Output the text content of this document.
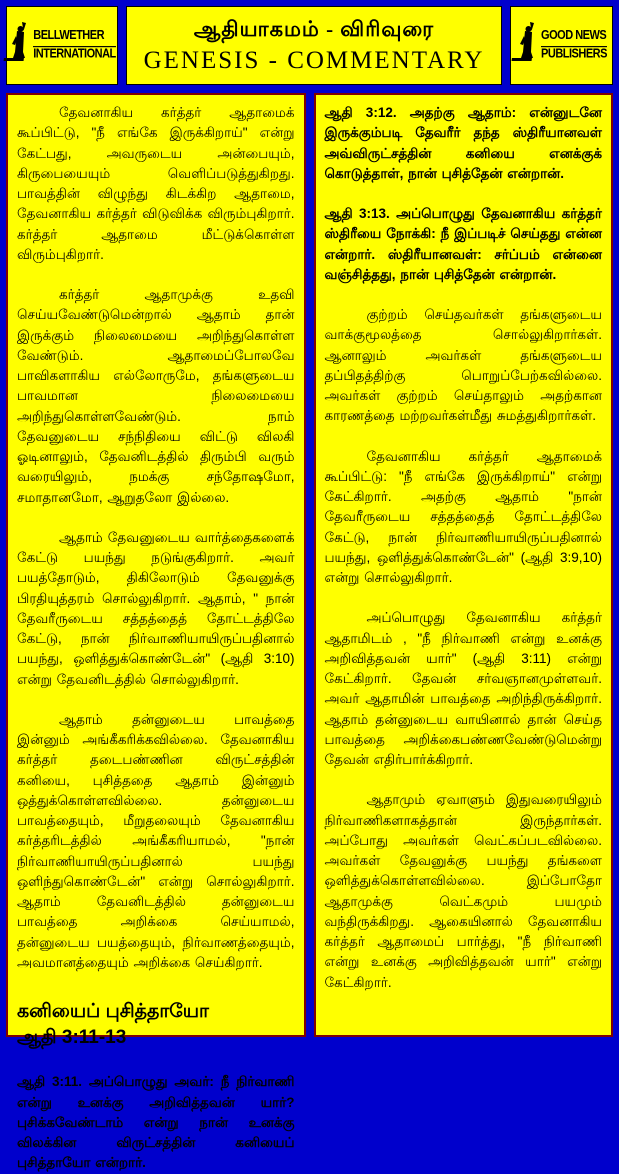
BELLWETHER
INTERNATIONAL
ஆதியாகமம் - விரிவுரை
GENESIS - COMMENTARY
GOOD NEWS
PUBLISHERS

தேவனாகிய கர்த்தர் ஆதாமைக் கூப்பிட்டு, "நீ எங்கே இருக்கிறாய்" என்று கேட்பது, அவருடைய அன்பையும், கிருபையையும் வெளிப்படுத்துகிறது. பாவத்தின் விழுந்து கிடக்கிற ஆதாமை, தேவனாகிய கர்த்தர் விடுவிக்க விரும்புகிறார். கர்த்தர் ஆதாமை மீட்டுக்கொள்ள விரும்புகிறார்.

கர்த்தர் ஆதாமுக்கு உதவி செய்யவேண்டுமென்றால் ஆதாம் தான் இருக்கும் நிலைமையை அறிந்துகொள்ள வேண்டும். ஆதாமைப்போலவே பாவிகளாகிய எல்லோருமே, தங்களுடைய பாவமான நிலைமையை அறிந்துகொள்ளவேண்டும். நாம் தேவனுடைய சந்நிதியை விட்டு விலகி ஓடினாலும், தேவனிடத்தில் திரும்பி வரும் வரையிலும், நமக்கு சந்தோஷமோ, சமாதானமோ, ஆறுதலோ இல்லை.

ஆதாம் தேவனுடைய வார்த்தைகளைக் கேட்டு பயந்து நடுங்குகிறார். அவர் பயத்தோடும், திகிலோடும் தேவனுக்கு பிரதியுத்தரம் சொல்லுகிறார். ஆதாம், " நான் தேவரீருடைய சத்தத்தைத் தோட்டத்திலே கேட்டு, நான் நிர்வாணியாயிருப்பதினால் பயந்து, ஒளித்துக்கொண்டேன்" (ஆதி 3:10) என்று தேவனிடத்தில் சொல்லுகிறார்.

ஆதாம் தன்னுடைய பாவத்தை இன்னும் அங்கீகரிக்கவில்லை. தேவனாகிய கர்த்தர் தடைபண்ணின விருட்சத்தின் கனியை, புசித்ததை ஆதாம் இன்னும் ஒத்துக்கொள்ளவில்லை. தன்னுடைய பாவத்தையும், மீறுதலையும் தேவனாகிய கர்த்தரிடத்தில் அங்கீகரியாமல், "நான் நிர்வாணியாயிருப்பதினால் பயந்து ஒளிந்துகொண்டேன்" என்று சொல்லுகிறார். ஆதாம் தேவனிடத்தில் தன்னுடைய பாவத்தை அறிக்கை செய்யாமல், தன்னுடைய பயத்தையும், நிர்வாணத்தையும், அவமானத்தையும் அறிக்கை செய்கிறார்.

கனியைப் புசித்தாயோ
ஆதி 3:11-13

ஆதி 3:11. அப்பொழுது அவர்: நீ நிர்வாணி என்று உனக்கு அறிவித்தவன் யார்? புசிக்கவேண்டாம் என்று நான் உனக்கு விலக்கின விருட்சத்தின் கனியைப் புசித்தாயோ என்றார்.

ஆதி 3:12. அதற்கு ஆதாம்: என்னுடனே இருக்கும்படி தேவரீர் தந்த ஸ்திரீயானவள் அவ்விருட்சத்தின் கனியை எனக்குக் கொடுத்தாள், நான் புசித்தேன் என்றான்.

ஆதி 3:13. அப்பொழுது தேவனாகிய கர்த்தர் ஸ்திரீயை நோக்கி: நீ இப்படிச் செய்தது என்ன என்றார். ஸ்திரீயானவள்: சர்ப்பம் என்னை வஞ்சித்தது, நான் புசித்தேன் என்றான்.

குற்றம் செய்தவர்கள் தங்களுடைய வாக்குமூலத்தை சொல்லுகிறார்கள். ஆனாலும் அவர்கள் தங்களுடைய தப்பிதத்திற்கு பொறுப்பேற்கவில்லை. அவர்கள் குற்றம் செய்தாலும் அதற்கான காரணத்தை மற்றவர்கள்மீது சுமத்துகிறார்கள்.

தேவனாகிய கர்த்தர் ஆதாமைக் கூப்பிட்டு: "நீ எங்கே இருக்கிறாய்" என்று கேட்கிறார். அதற்கு ஆதாம் "நான் தேவரீருடைய சத்தத்தைத் தோட்டத்திலே கேட்டு, நான் நிர்வாணியாயிருப்பதினால் பயந்து, ஒளித்துக்கொண்டேன்" (ஆதி 3:9,10) என்று சொல்லுகிறார்.

அப்பொழுது தேவனாகிய கர்த்தர் ஆதாமிடம் , "நீ நிர்வாணி என்று உனக்கு அறிவித்தவன் யார்" (ஆதி 3:11) என்று கேட்கிறார். தேவன் சர்வஞானமுள்ளவர். அவர் ஆதாமின் பாவத்தை அறிந்திருக்கிறார். ஆதாம் தன்னுடைய வாயினால் தான் செய்த பாவத்தை அறிக்கைபண்ணவேண்டுமென்று தேவன் எதிர்பார்க்கிறார்.

ஆதாமும் ஏவாளும் இதுவரையிலும் நிர்வாணிகளாகத்தான் இருந்தார்கள். அப்போது அவர்கள் வெட்கப்படவில்லை. அவர்கள் தேவனுக்கு பயந்து தங்களை ஒளித்துக்கொள்ளவில்லை. இப்போதோ ஆதாமுக்கு வெட்கமும் பயமும் வந்திருக்கிறது. ஆகையினால் தேவனாகிய கர்த்தர் ஆதாமைப் பார்த்து, "நீ நிர்வாணி என்று உனக்கு அறிவித்தவன் யார்" என்று கேட்கிறார்.
